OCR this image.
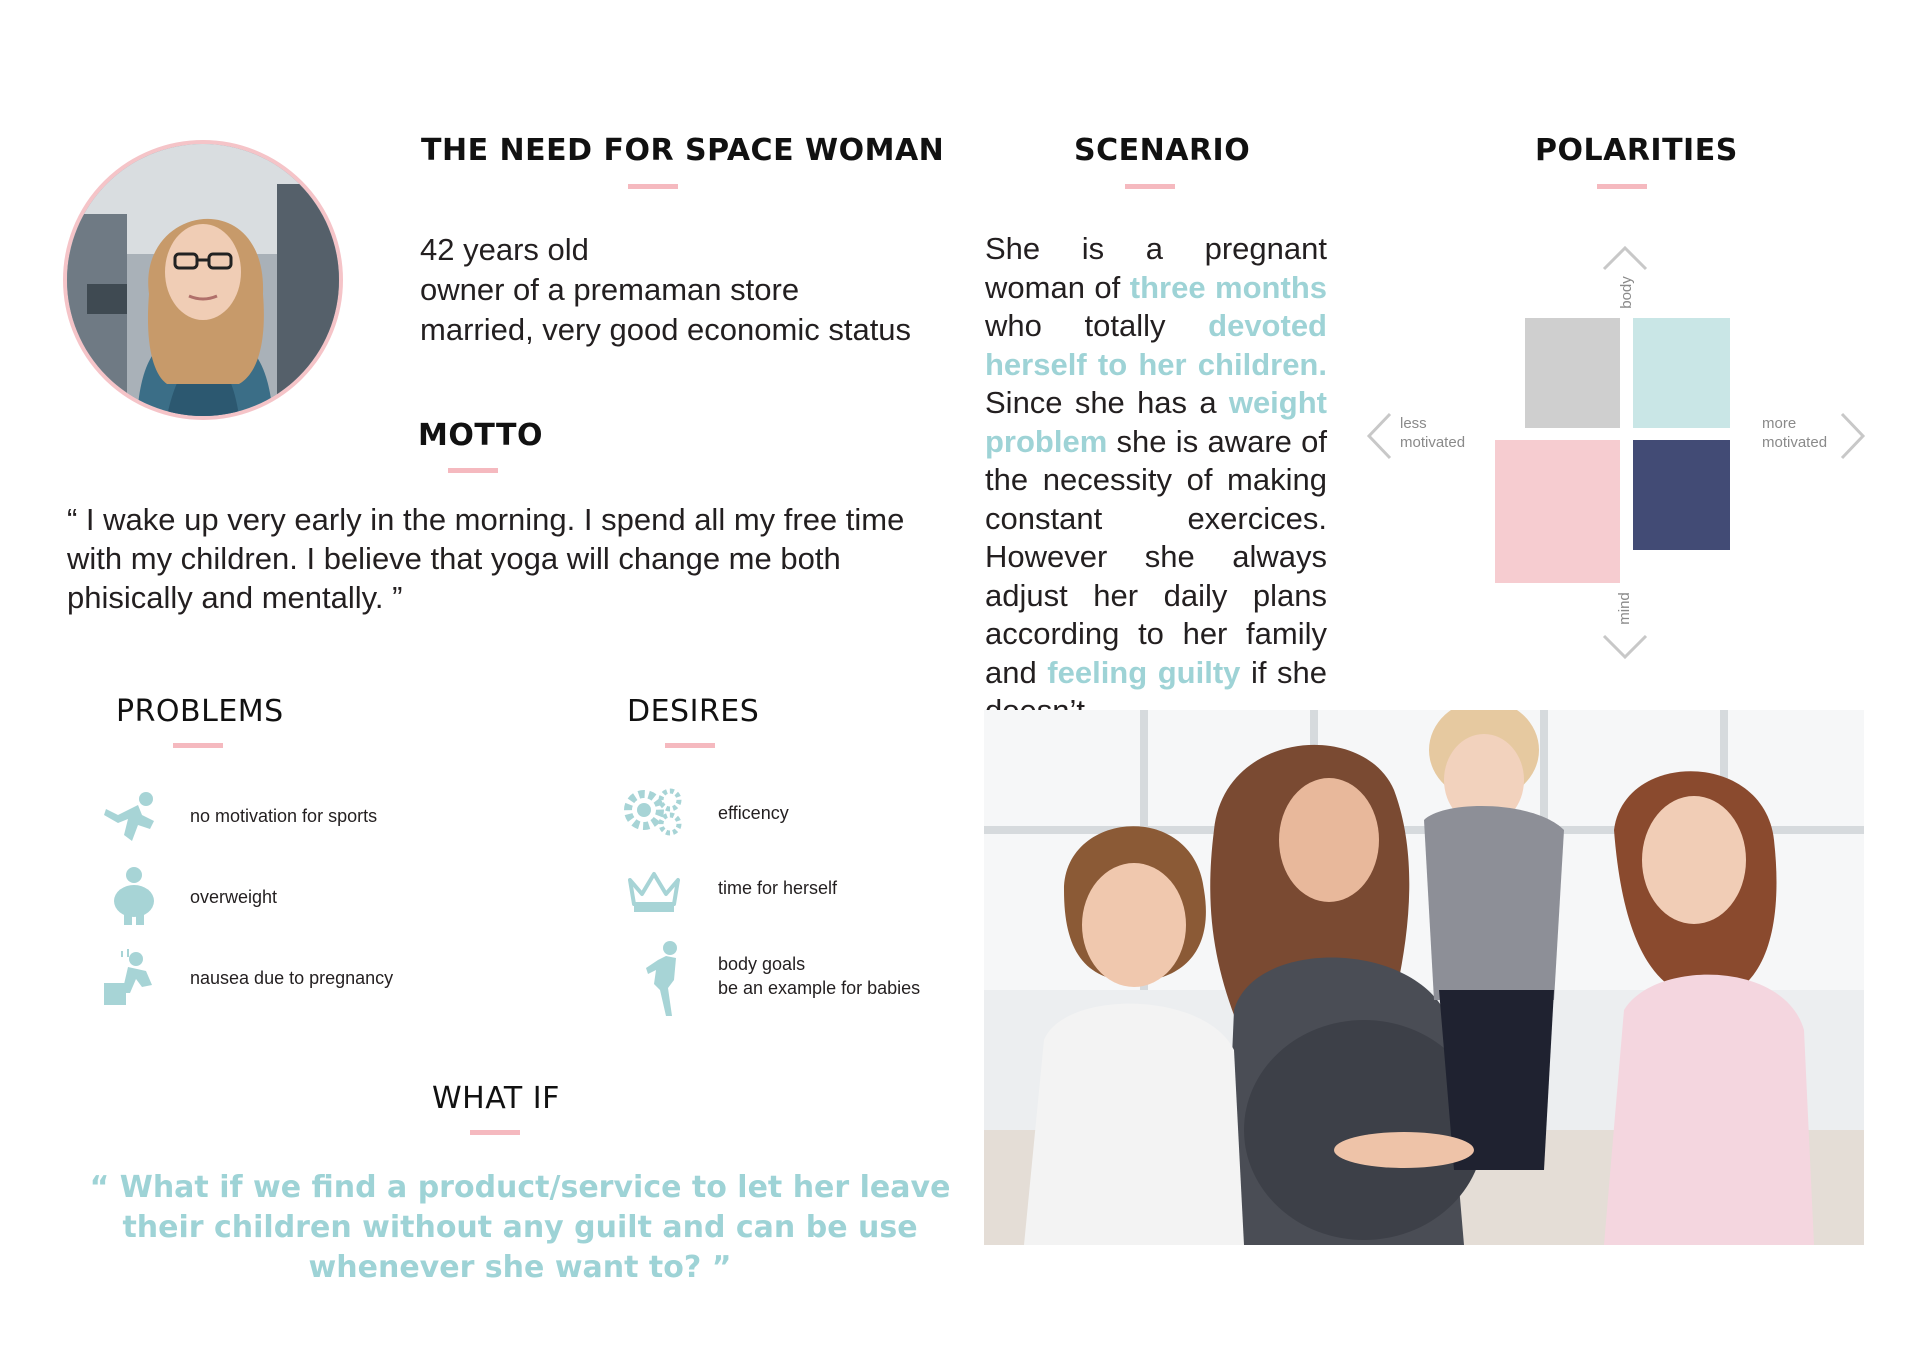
THE NEED FOR SPACE WOMAN
42 years old
owner of a premaman store
married, very good economic status
MOTTO
“ I wake up very early in the morning. I spend all my free time with my children. I believe that yoga will change me both phisically and mentally. ”
SCENARIO
She is a pregnant woman of three months who totally devoted herself to her children. Since she has a weight problem she is aware of the necessity of making constant exercices. However she always adjust her daily plans according to her family and feeling guilty if she
POLARITIES
body
mind
less
motivated
more
motivated
PROBLEMS
no motivation for sports
overweight
nausea due to pregnancy
DESIRES
efficency
time for herself
body goals
be an example for babies
WHAT IF
“ What if we find a product/service to let her leave their children without any guilt and can be use whenever she want to? ”
